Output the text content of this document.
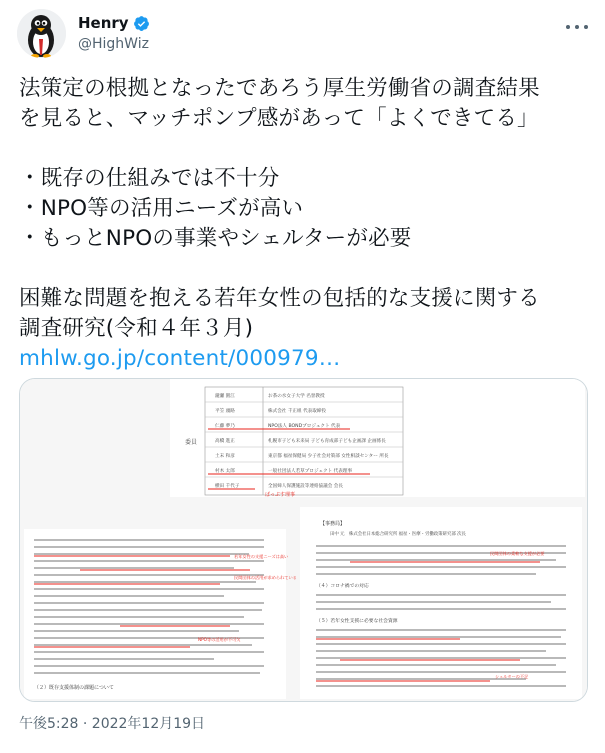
Henry
@HighWiz

法策定の根拠となったであろう厚生労働省の調査結果

を見ると、マッチポンプ感があって「よくできてる」

・既存の仕組みでは不十分

・NPO等の活用ニーズが高い

・もっとNPOの事業やシェルターが必要

困難な問題を抱える若年女性の包括的な支援に関する

調査研究(令和４年３月)

mhlw.go.jp/content/000979…

委員
瀧瀬 園江	お茶の水女子大学 名誉教授
平笠 頭路	株式会社 千正組 代表取締役
仁藤 夢乃	NPO法人 BONDプロジェクト 代表
高橋 進正	札幌市子ども未来局 子ども育成部子ども企画課 企画係長
土末 和彦	東京都 福祉保健局 少子社会対策部 女性相談センター 所長
村木 太郎	一般社団法人若草プロジェクト 代表理事
横田 千代子	全国婦人保護施設等連絡協議会 会長
ぱっぷす理事
（２）既存支援体制の課題について
若年女性の支援ニーズは高い
民間団体の活用が求められている
NPO等の活用が不可欠
【事務局】
田中 元　株式会社日本総合研究所 福祉・医療・労働政策研究部 次長
（４）コロナ禍での対応
（５）若年女性支援に必要な社会資源
民間団体の柔軟な支援が必要
シェルターの不足
午後5:28 · 2022年12月19日
